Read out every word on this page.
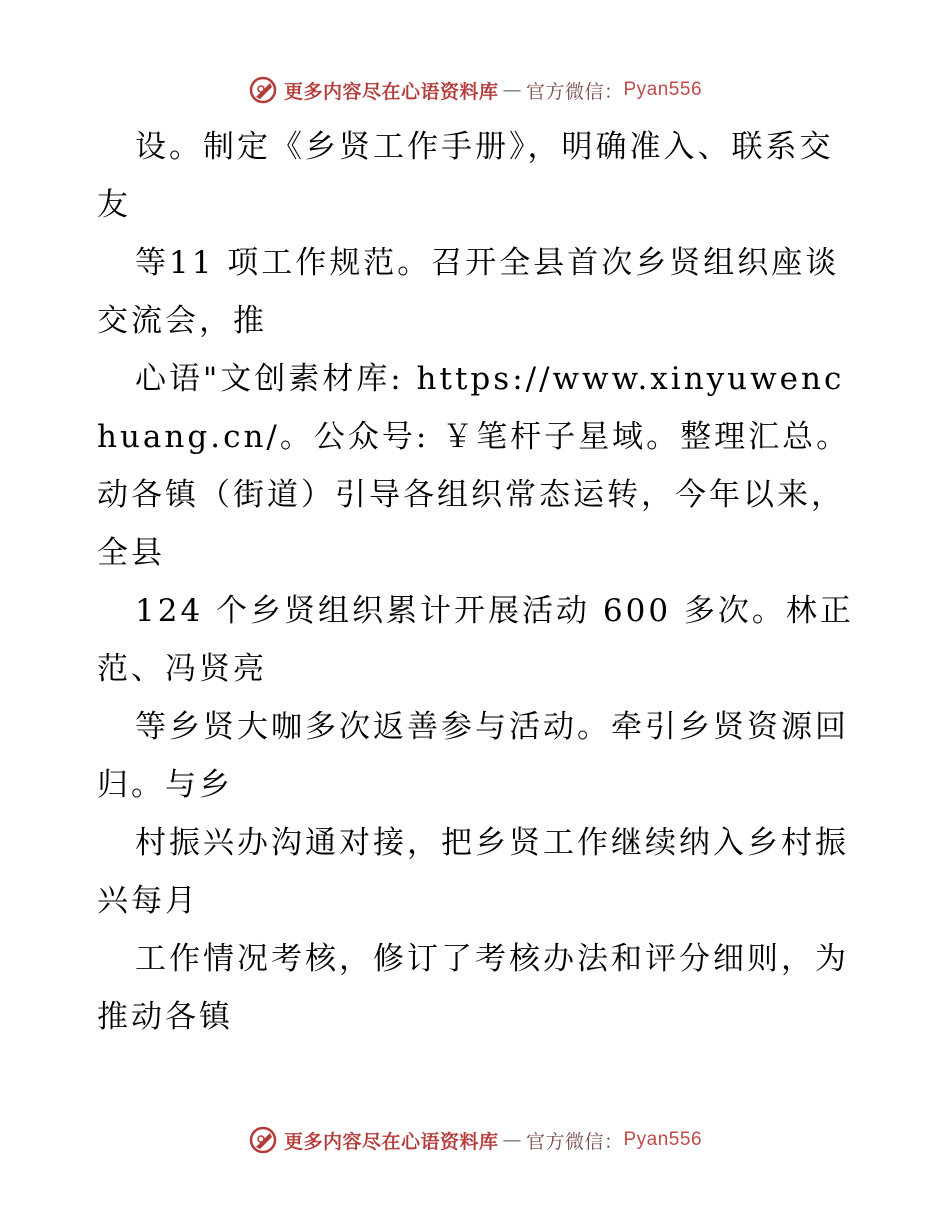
更多内容尽在心语资料库 — 官方微信： Pyan556

设。制定《乡贤工作手册》，明确准入、联系交友

等11 项工作规范。召开全县首次乡贤组织座谈交流会，推

心语"文创素材库: https://www.xinyuwenchuang.cn/。公众号: ￥笔杆子星域。整理汇总。动各镇（街道）引导各组织常态运转，今年以来，全县

124 个乡贤组织累计开展活动 600 多次。林正范、冯贤亮

等乡贤大咖多次返善参与活动。牵引乡贤资源回归。与乡

村振兴办沟通对接，把乡贤工作继续纳入乡村振兴每月

工作情况考核，修订了考核办法和评分细则，为推动各镇

更多内容尽在心语资料库 — 官方微信： Pyan556
